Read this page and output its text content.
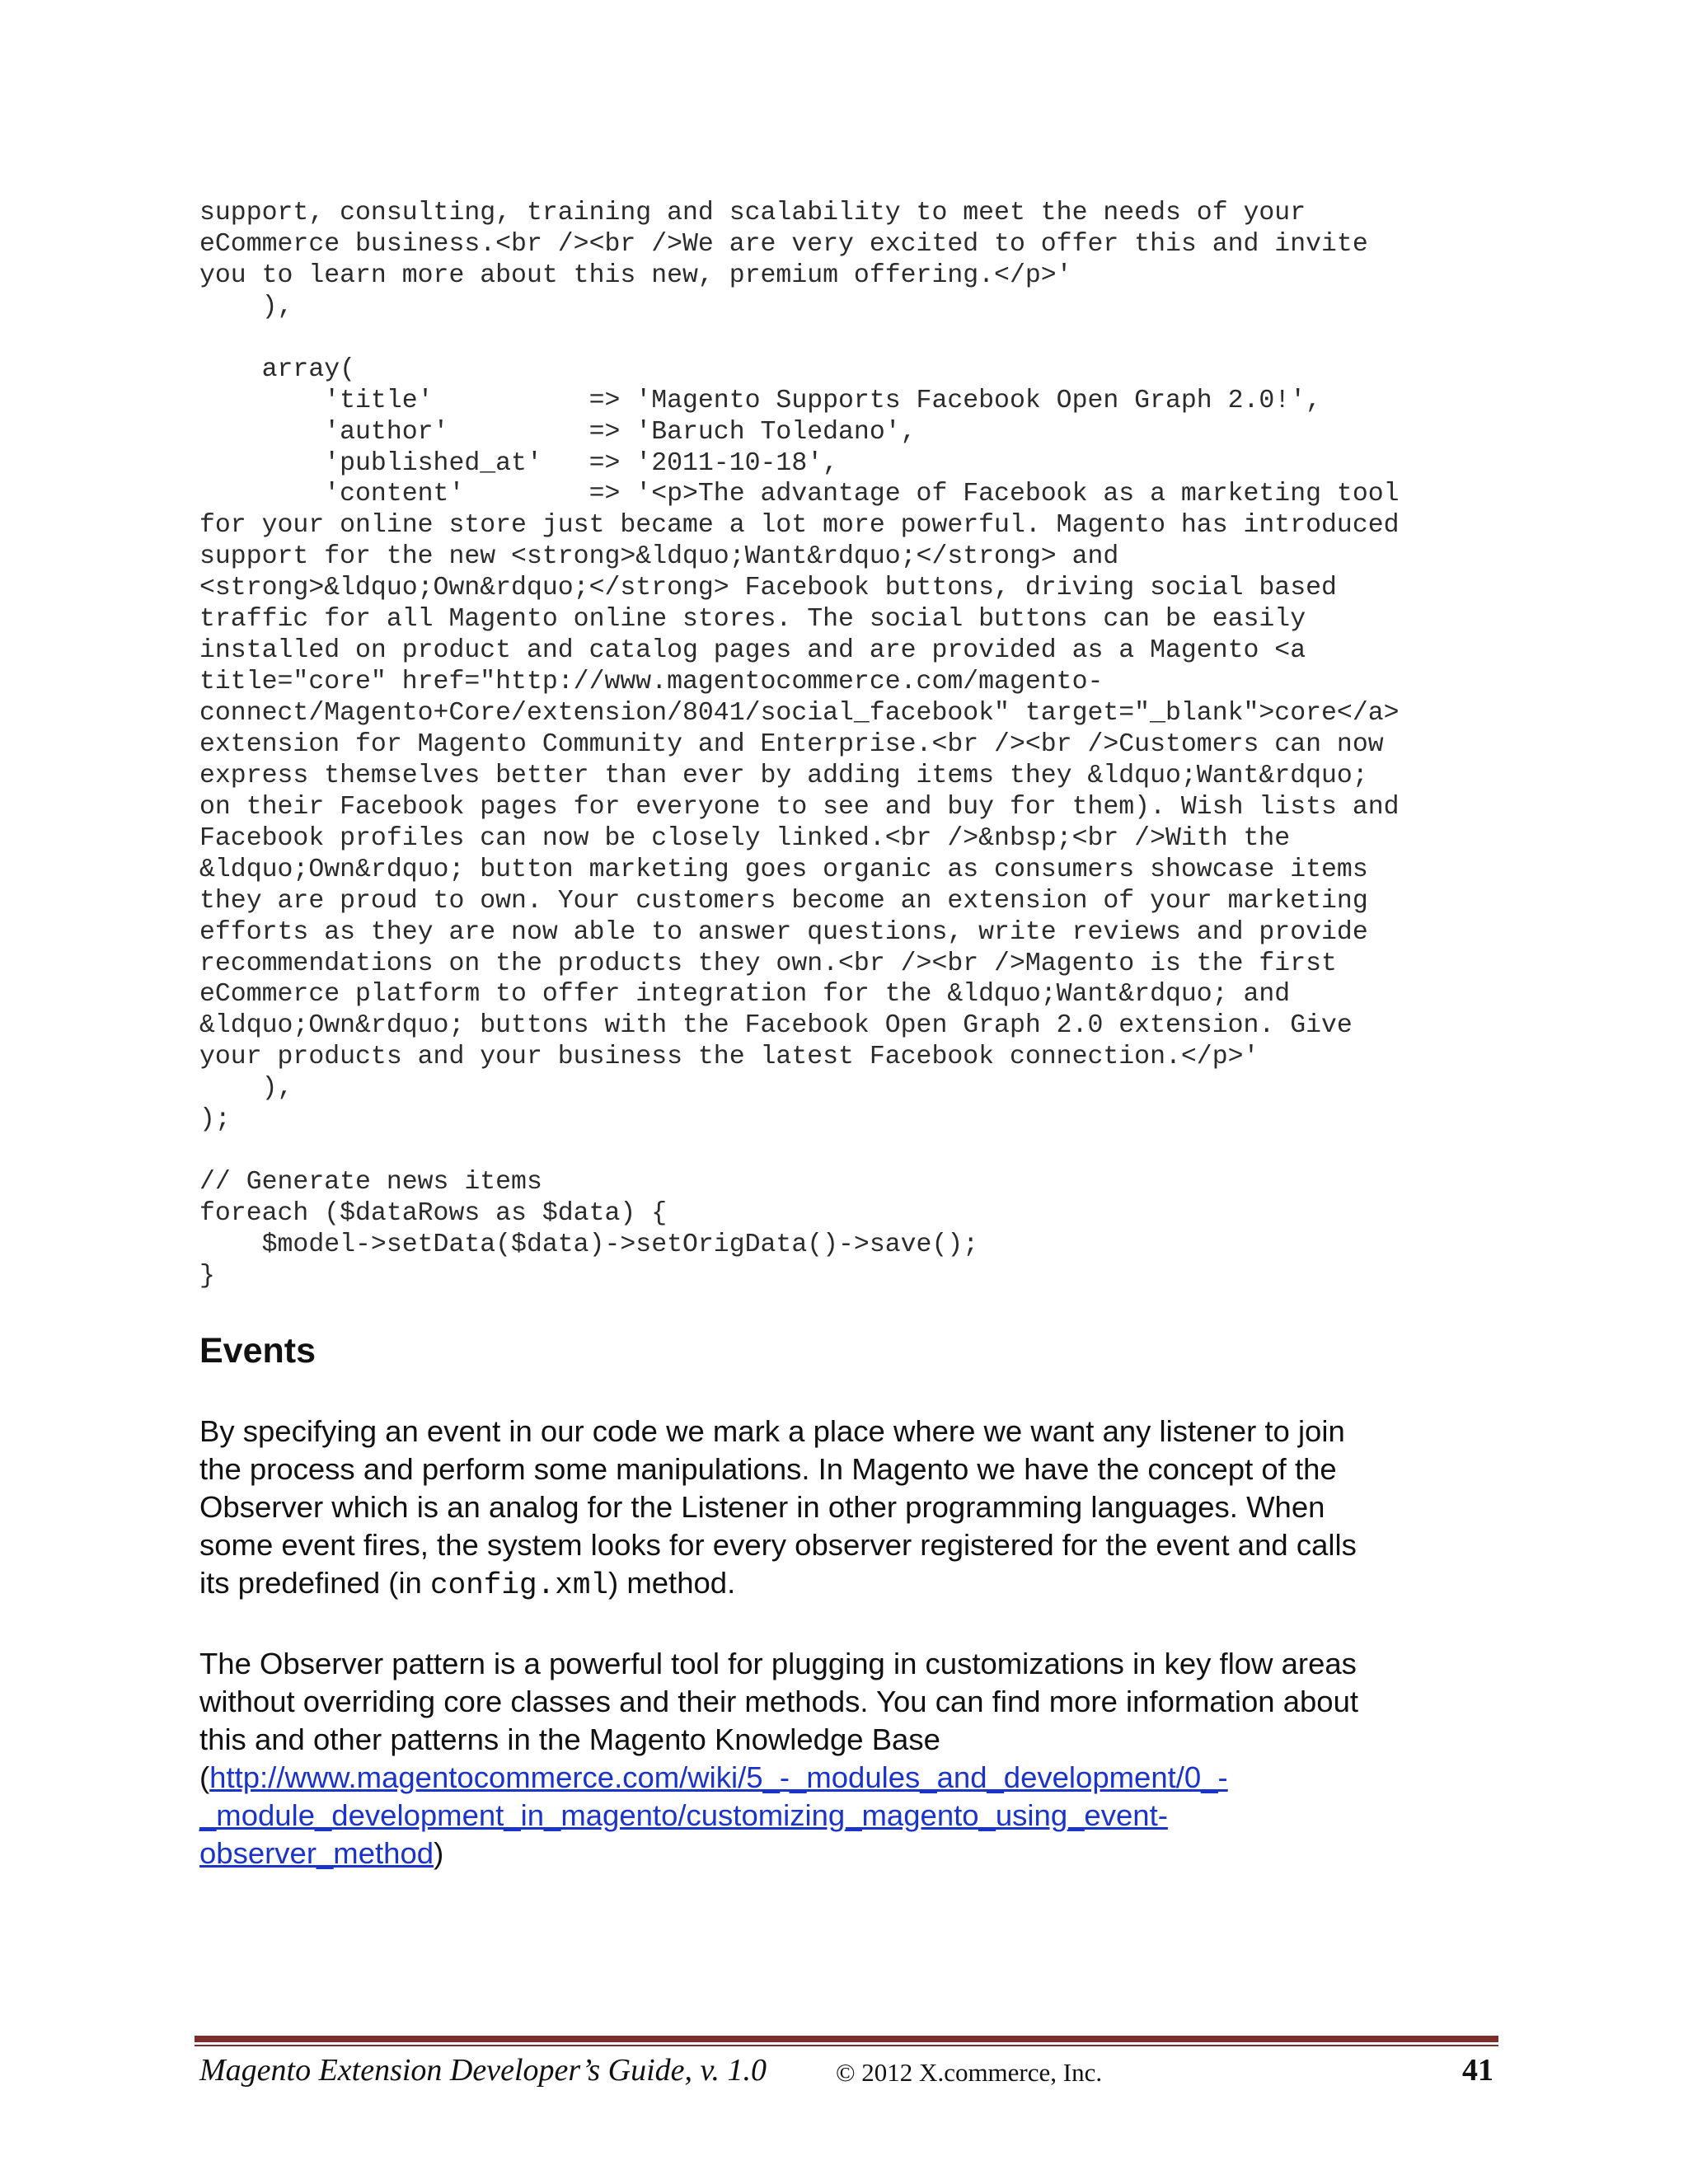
support, consulting, training and scalability to meet the needs of your
eCommerce business.<br /><br />We are very excited to offer this and invite
you to learn more about this new, premium offering.</p>'
),
array(
'title'          => 'Magento Supports Facebook Open Graph 2.0!',
'author'         => 'Baruch Toledano',
'published_at'   => '2011-10-18',
'content'        => '<p>The advantage of Facebook as a marketing tool
for your online store just became a lot more powerful. Magento has introduced
support for the new <strong>&ldquo;Want&rdquo;</strong> and
<strong>&ldquo;Own&rdquo;</strong> Facebook buttons, driving social based
traffic for all Magento online stores. The social buttons can be easily
installed on product and catalog pages and are provided as a Magento <a
title="core" href="http://www.magentocommerce.com/magento-
connect/Magento+Core/extension/8041/social_facebook" target="_blank">core</a>
extension for Magento Community and Enterprise.<br /><br />Customers can now
express themselves better than ever by adding items they &ldquo;Want&rdquo;
on their Facebook pages for everyone to see and buy for them). Wish lists and
Facebook profiles can now be closely linked.<br />&nbsp;<br />With the
&ldquo;Own&rdquo; button marketing goes organic as consumers showcase items
they are proud to own. Your customers become an extension of your marketing
efforts as they are now able to answer questions, write reviews and provide
recommendations on the products they own.<br /><br />Magento is the first
eCommerce platform to offer integration for the &ldquo;Want&rdquo; and
&ldquo;Own&rdquo; buttons with the Facebook Open Graph 2.0 extension. Give
your products and your business the latest Facebook connection.</p>'
),
);
// Generate news items
foreach ($dataRows as $data) {
$model->setData($data)->setOrigData()->save();
}
Events
By specifying an event in our code we mark a place where we want any listener to join
the process and perform some manipulations. In Magento we have the concept of the
Observer which is an analog for the Listener in other programming languages. When
some event fires, the system looks for every observer registered for the event and calls
its predefined (in config.xml) method.
The Observer pattern is a powerful tool for plugging in customizations in key flow areas
without overriding core classes and their methods. You can find more information about
this and other patterns in the Magento Knowledge Base
(http://www.magentocommerce.com/wiki/5_-_modules_and_development/0_-
_module_development_in_magento/customizing_magento_using_event-
observer_method)
Magento Extension Developer’s Guide, v. 1.0	© 2012 X.commerce, Inc.	41
